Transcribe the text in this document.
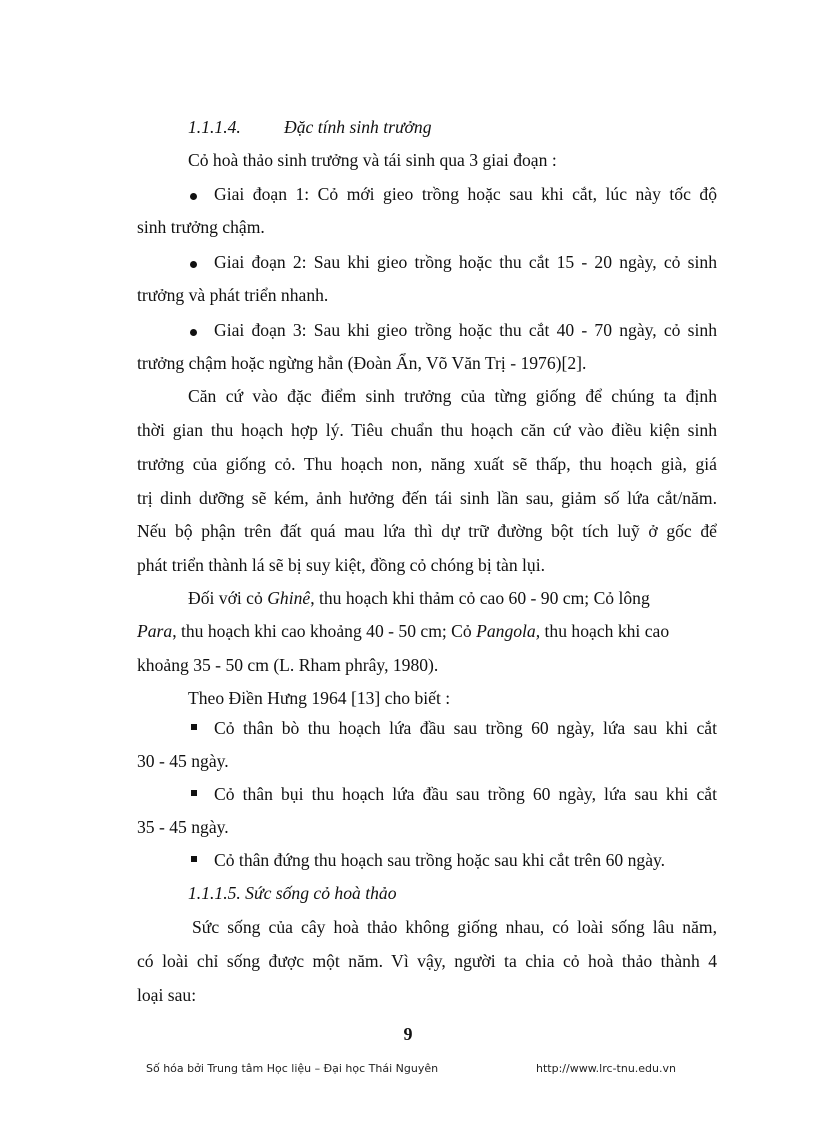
1.1.1.4. Đặc tính sinh trưởng
Cỏ hoà thảo sinh trưởng và tái sinh qua 3 giai đoạn :
Giai đoạn 1: Cỏ mới gieo trồng hoặc sau khi cắt, lúc này tốc độ
sinh trưởng chậm.
Giai đoạn 2: Sau khi gieo trồng hoặc thu cắt 15 - 20 ngày, cỏ sinh
trưởng và phát triển nhanh.
Giai đoạn 3: Sau khi gieo trồng hoặc thu cắt 40 - 70 ngày, cỏ sinh
trưởng chậm hoặc ngừng hẳn (Đoàn Ẩn, Võ Văn Trị - 1976)[2].
Căn cứ vào đặc điểm sinh trưởng của từng giống để chúng ta định
thời gian thu hoạch hợp lý. Tiêu chuẩn thu hoạch căn cứ vào điều kiện sinh
trưởng của giống cỏ. Thu hoạch non, năng xuất sẽ thấp, thu hoạch già, giá
trị dinh dưỡng sẽ kém, ảnh hưởng đến tái sinh lần sau, giảm số lứa cắt/năm.
Nếu bộ phận trên đất quá mau lứa thì dự trữ đường bột tích luỹ ở gốc để
phát triển thành lá sẽ bị suy kiệt, đồng cỏ chóng bị tàn lụi.
Đối với cỏ Ghinê, thu hoạch khi thảm cỏ cao 60 - 90 cm; Cỏ lông
Para, thu hoạch khi cao khoảng 40 - 50 cm; Cỏ Pangola, thu hoạch khi cao
khoảng 35 - 50 cm (L. Rham phrây, 1980).
Theo Điền Hưng 1964 [13] cho biết :
Cỏ thân bò thu hoạch lứa đầu sau trồng 60 ngày, lứa sau khi cắt
30 - 45 ngày.
Cỏ thân bụi thu hoạch lứa đầu sau trồng 60 ngày, lứa sau khi cắt
35 - 45 ngày.
Cỏ thân đứng thu hoạch sau trồng hoặc sau khi cắt trên 60 ngày.
1.1.1.5. Sức sống cỏ hoà thảo
Sức sống của cây hoà thảo không giống nhau, có loài sống lâu năm,
có loài chỉ sống được một năm. Vì vậy, người ta chia cỏ hoà thảo thành 4
loại sau:
9
Số hóa bởi Trung tâm Học liệu – Đại học Thái Nguyên	http://www.lrc-tnu.edu.vn
